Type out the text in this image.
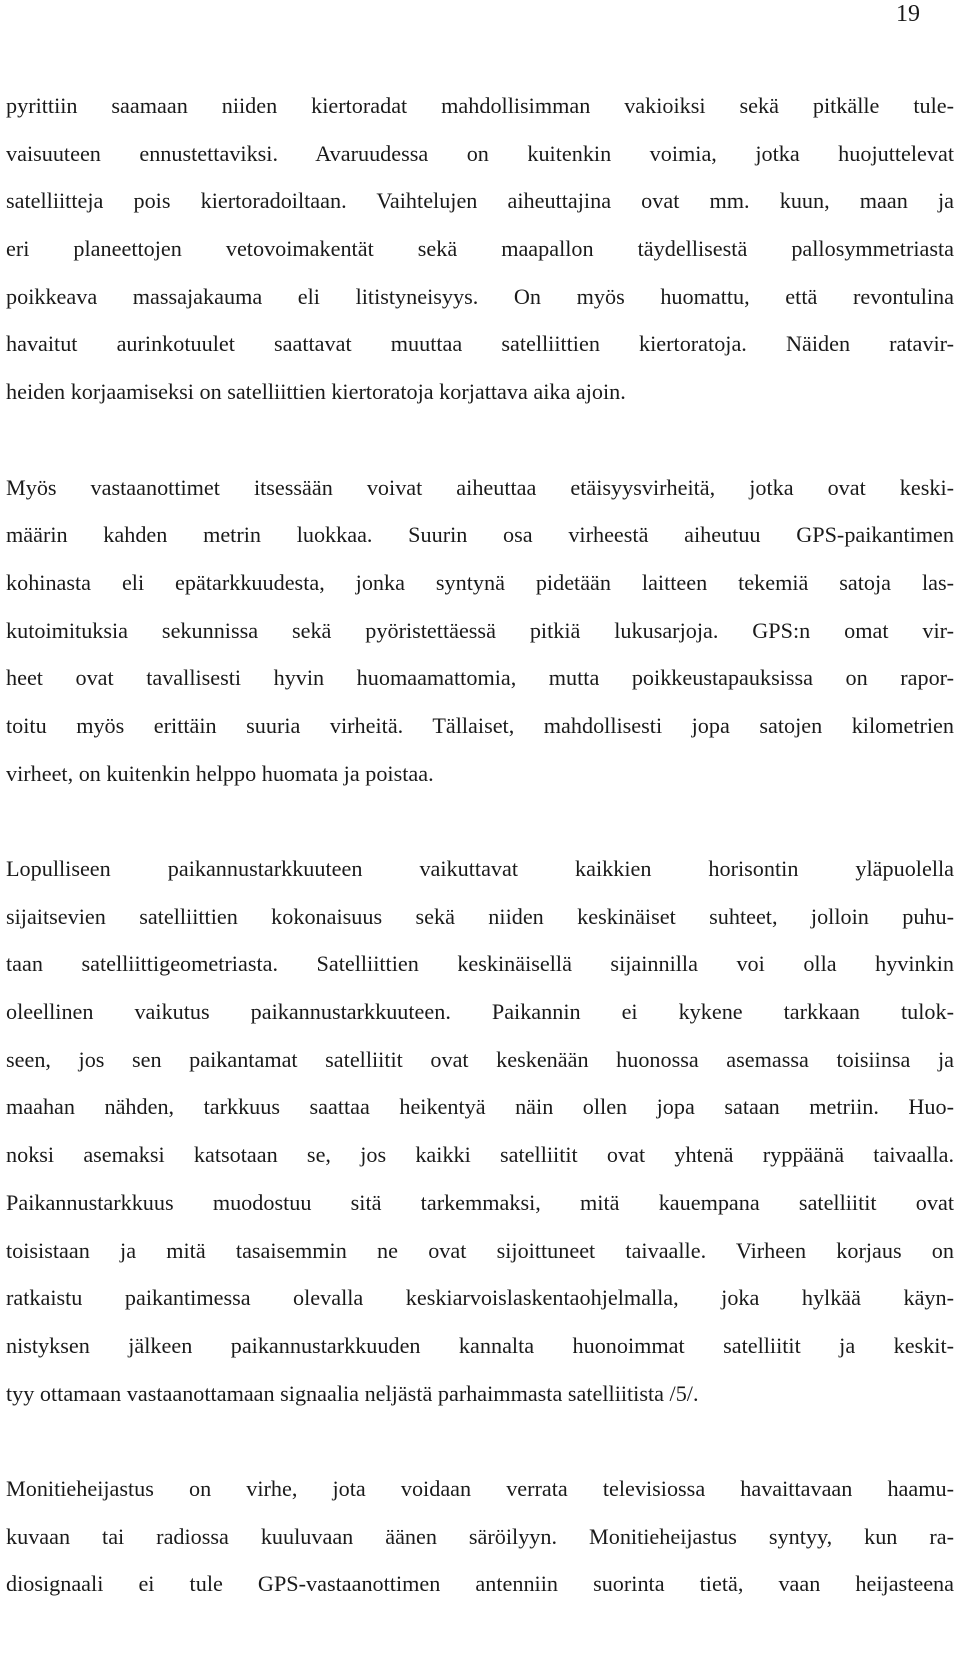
19
pyrittiin saamaan niiden kiertoradat mahdollisimman vakioiksi sekä pitkälle tule-
vaisuuteen ennustettaviksi. Avaruudessa on kuitenkin voimia, jotka huojuttelevat
satelliitteja pois kiertoradoiltaan. Vaihtelujen aiheuttajina ovat mm. kuun, maan ja
eri planeettojen vetovoimakentät sekä maapallon täydellisestä pallosymmetriasta
poikkeava massajakauma eli litistyneisyys. On myös huomattu, että revontulina
havaitut aurinkotuulet saattavat muuttaa satelliittien kiertoratoja. Näiden ratavir-
heiden korjaamiseksi on satelliittien kiertoratoja korjattava aika ajoin.
Myös vastaanottimet itsessään voivat aiheuttaa etäisyysvirheitä, jotka ovat keski-
määrin kahden metrin luokkaa. Suurin osa virheestä aiheutuu GPS-paikantimen
kohinasta eli epätarkkuudesta, jonka syntynä pidetään laitteen tekemiä satoja las-
kutoimituksia sekunnissa sekä pyöristettäessä pitkiä lukusarjoja. GPS:n omat vir-
heet ovat tavallisesti hyvin huomaamattomia, mutta poikkeustapauksissa on rapor-
toitu myös erittäin suuria virheitä. Tällaiset, mahdollisesti jopa satojen kilometrien
virheet, on kuitenkin helppo huomata ja poistaa.
Lopulliseen paikannustarkkuuteen vaikuttavat kaikkien horisontin yläpuolella
sijaitsevien satelliittien kokonaisuus sekä niiden keskinäiset suhteet, jolloin puhu-
taan satelliittigeometriasta. Satelliittien keskinäisellä sijainnilla voi olla hyvinkin
oleellinen vaikutus paikannustarkkuuteen. Paikannin ei kykene tarkkaan tulok-
seen, jos sen paikantamat satelliitit ovat keskenään huonossa asemassa toisiinsa ja
maahan nähden, tarkkuus saattaa heikentyä näin ollen jopa sataan metriin. Huo-
noksi asemaksi katsotaan se, jos kaikki satelliitit ovat yhtenä ryppäänä taivaalla.
Paikannustarkkuus muodostuu sitä tarkemmaksi, mitä kauempana satelliitit ovat
toisistaan ja mitä tasaisemmin ne ovat sijoittuneet taivaalle. Virheen korjaus on
ratkaistu paikantimessa olevalla keskiarvoislaskentaohjelmalla, joka hylkää käyn-
nistyksen jälkeen paikannustarkkuuden kannalta huonoimmat satelliitit ja keskit-
tyy ottamaan vastaanottamaan signaalia neljästä parhaimmasta satelliitista /5/.
Monitieheijastus on virhe, jota voidaan verrata televisiossa havaittavaan haamu-
kuvaan tai radiossa kuuluvaan äänen säröilyyn. Monitieheijastus syntyy, kun ra-
diosignaali ei tule GPS-vastaanottimen antenniin suorinta tietä, vaan heijasteena
